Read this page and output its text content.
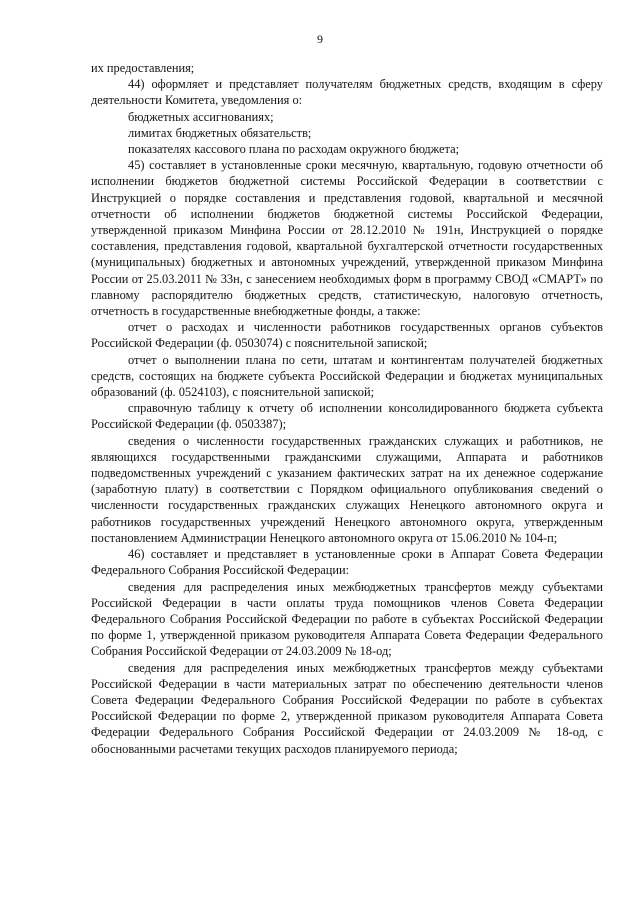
9

их предоставления;

44) оформляет и представляет получателям бюджетных средств, входящим в сферу деятельности Комитета, уведомления о:

бюджетных ассигнованиях;

лимитах бюджетных обязательств;

показателях кассового плана по расходам окружного бюджета;

45) составляет в установленные сроки месячную, квартальную, годовую отчетности об исполнении бюджетов бюджетной системы Российской Федерации в соответствии с Инструкцией о порядке составления и представления годовой, квартальной и месячной отчетности об исполнении бюджетов бюджетной системы Российской Федерации, утвержденной приказом Минфина России от 28.12.2010 № 191н, Инструкцией о порядке составления, представления годовой, квартальной бухгалтерской отчетности государственных (муниципальных) бюджетных и автономных учреждений, утвержденной приказом Минфина России от 25.03.2011 № 33н, с занесением необходимых форм в программу СВОД «СМАРТ» по главному распорядителю бюджетных средств, статистическую, налоговую отчетность, отчетность в государственные внебюджетные фонды, а также:

отчет о расходах и численности работников государственных органов субъектов Российской Федерации (ф. 0503074) с пояснительной запиской;

отчет о выполнении плана по сети, штатам и контингентам получателей бюджетных средств, состоящих на бюджете субъекта Российской Федерации и бюджетах муниципальных образований (ф. 0524103), с пояснительной запиской;

справочную таблицу к отчету об исполнении консолидированного бюджета субъекта Российской Федерации (ф. 0503387);

сведения о численности государственных гражданских служащих и работников, не являющихся государственными гражданскими служащими, Аппарата и работников подведомственных учреждений с указанием фактических затрат на их денежное содержание (заработную плату) в соответствии с Порядком официального опубликования сведений о численности государственных гражданских служащих Ненецкого автономного округа и работников государственных учреждений Ненецкого автономного округа, утвержденным постановлением Администрации Ненецкого автономного округа от 15.06.2010 № 104-п;

46) составляет и представляет в установленные сроки в Аппарат Совета Федерации Федерального Собрания Российской Федерации:

сведения для распределения иных межбюджетных трансфертов между субъектами Российской Федерации в части оплаты труда помощников членов Совета Федерации Федерального Собрания Российской Федерации по работе в субъектах Российской Федерации по форме 1, утвержденной приказом руководителя Аппарата Совета Федерации Федерального Собрания Российской Федерации от 24.03.2009 № 18-од;

сведения для распределения иных межбюджетных трансфертов между субъектами Российской Федерации в части материальных затрат по обеспечению деятельности членов Совета Федерации Федерального Собрания Российской Федерации по работе в субъектах Российской Федерации по форме 2, утвержденной приказом руководителя Аппарата Совета Федерации Федерального Собрания Российской Федерации от 24.03.2009 № 18-од, с обоснованными расчетами текущих расходов планируемого периода;
